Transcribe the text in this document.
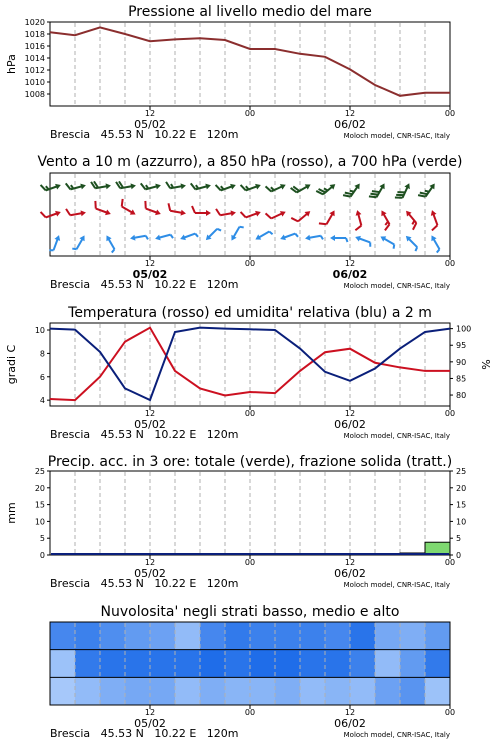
12	00	12	00
05/02	06/02
Brescia   45.53 N   10.22 E   120m	Moloch model, CNR-ISAC, Italy
Pressione al livello medio del mare
1008
1010
1012
1014
1016
1018
1020
hPa
12	00	12	00
05/02	06/02
Brescia   45.53 N   10.22 E   120m	Moloch model, CNR-ISAC, Italy
Vento a 10 m (azzurro), a 850 hPa (rosso), a 700 hPa (verde)
12	00	12	00
05/02	06/02
Brescia   45.53 N   10.22 E   120m	Moloch model, CNR-ISAC, Italy
Temperatura (rosso) ed umidita' relativa (blu) a 2 m
4
6
8
10
80
85
90
95
100
gradi C	%
12	00	12	00
05/02	06/02
Brescia   45.53 N   10.22 E   120m	Moloch model, CNR-ISAC, Italy
Precip. acc. in 3 ore: totale (verde), frazione solida (tratt.)
0	0
5	5
10	10
15	15
20	20
25	25
mm
12	00	12	00
05/02	06/02
Brescia   45.53 N   10.22 E   120m	Moloch model, CNR-ISAC, Italy
Nuvolosita' negli strati basso, medio e alto
